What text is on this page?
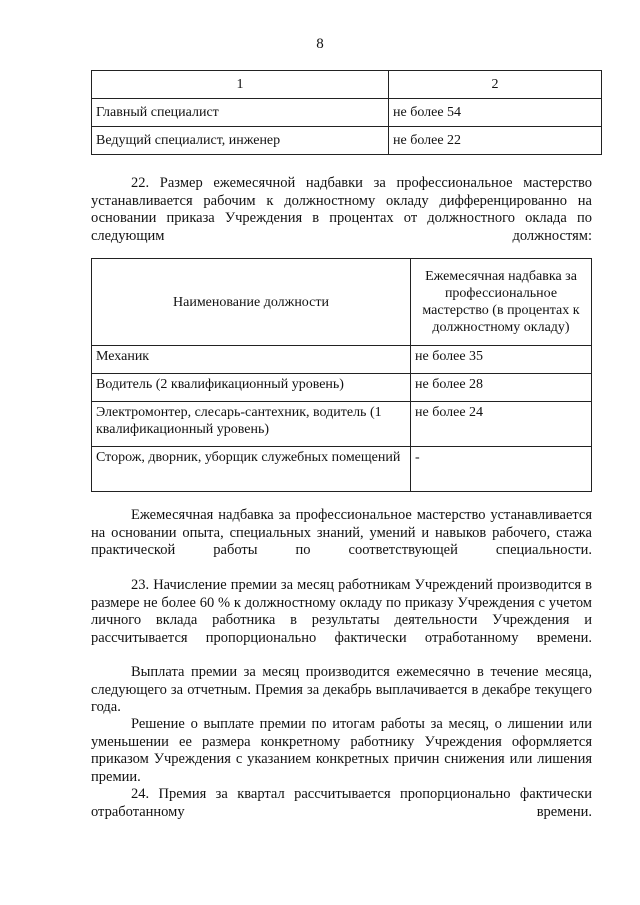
8
1	2
Главный специалист	не более 54
Ведущий специалист, инженер	не более 22

22. Размер ежемесячной надбавки за профессиональное мастерство устанавливается рабочим к должностному окладу дифференцированно на основании приказа Учреждения в процентах от должностного оклада по следующим должностям:

Наименование должности	Ежемесячная надбавка за профессиональное мастерство (в процентах к должностному окладу)
Механик	не более 35
Водитель (2 квалификационный уровень)	не более 28
Электромонтер, слесарь-сантехник, водитель (1 квалификационный уровень)	не более 24
Сторож, дворник, уборщик служебных помещений	-

Ежемесячная надбавка за профессиональное мастерство устанавливается на основании опыта, специальных знаний, умений и навыков рабочего, стажа практической работы по соответствующей специальности.

23. Начисление премии за месяц работникам Учреждений производится в размере не более 60 % к должностному окладу по приказу Учреждения с учетом личного вклада работника в результаты деятельности Учреждения и рассчитывается пропорционально фактически отработанному времени.

Выплата премии за месяц производится ежемесячно в течение месяца, следующего за отчетным. Премия за декабрь выплачивается в декабре текущего года.

Решение о выплате премии по итогам работы за месяц, о лишении или уменьшении ее размера конкретному работнику Учреждения оформляется приказом Учреждения с указанием конкретных причин снижения или лишения премии.

24. Премия за квартал рассчитывается пропорционально фактически отработанному времени.
